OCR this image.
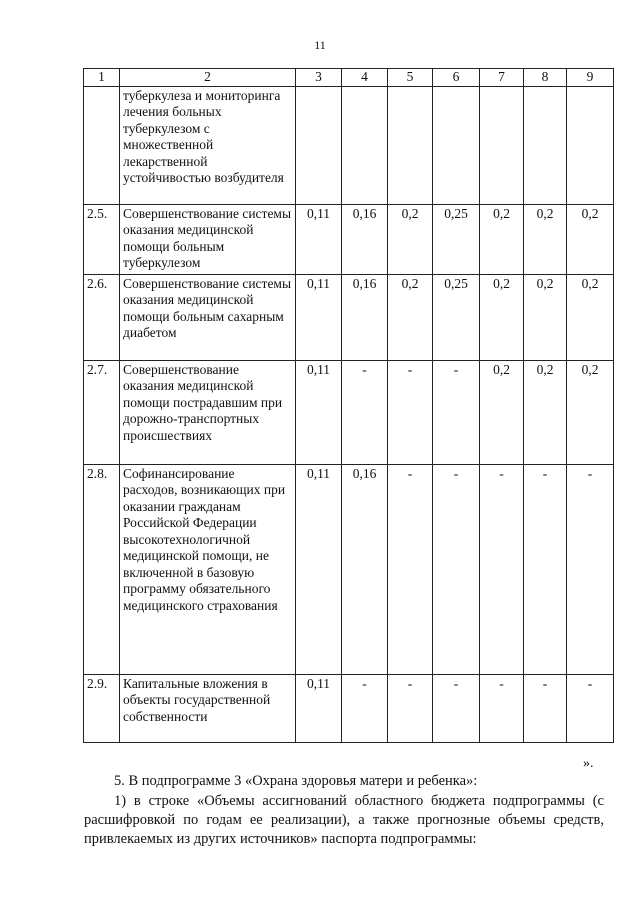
11
1	2	3	4	5	6	7	8	9
	туберкулеза и мониторинга лечения больных туберкулезом с множественной лекарственной устойчивостью возбудителя							
2.5.	Совершенствование системы оказания медицинской помощи больным туберкулезом	0,11	0,16	0,2	0,25	0,2	0,2	0,2
2.6.	Совершенствование системы оказания медицинской помощи больным сахарным диабетом	0,11	0,16	0,2	0,25	0,2	0,2	0,2
2.7.	Совершенствование оказания медицинской помощи пострадавшим при дорожно-транспортных происшествиях	0,11	-	-	-	0,2	0,2	0,2
2.8.	Софинансирование расходов, возникающих при оказании гражданам Российской Федерации высокотехнологичной медицинской помощи, не включенной в базовую программу обязательного медицинского страхования	0,11	0,16	-	-	-	-	-
2.9.	Капитальные вложения в объекты государственной собственности	0,11	-	-	-	-	-	-
».
5. В подпрограмме 3 «Охрана здоровья матери и ребенка»:
1) в строке «Объемы ассигнований областного бюджета подпрограммы (с расшифровкой по годам ее реализации), а также прогнозные объемы средств, привлекаемых из других источников» паспорта подпрограммы:
